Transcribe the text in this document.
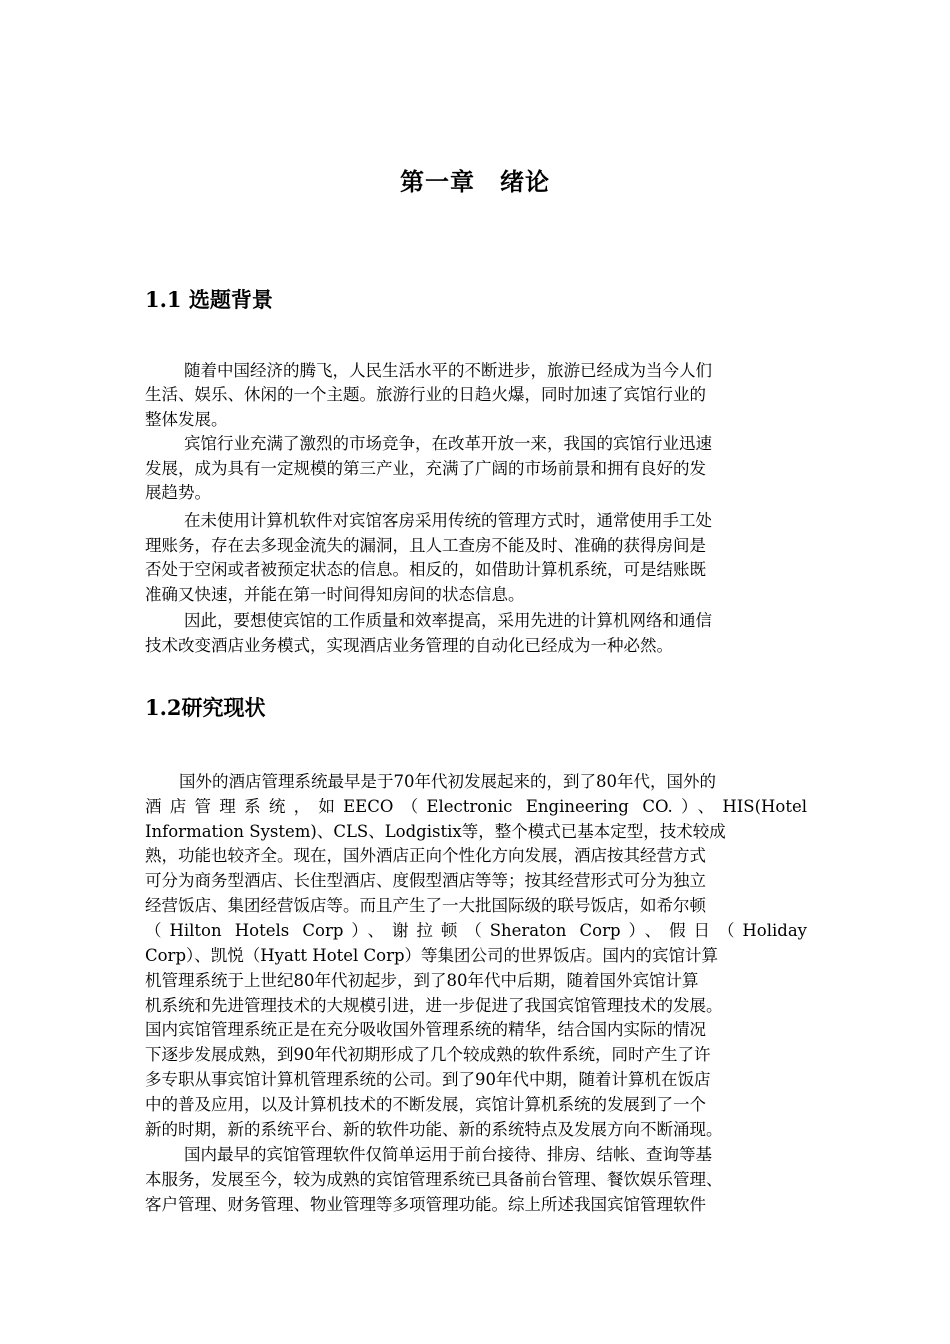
第一章　绪论
1.1 选题背景
随着中国经济的腾飞，人民生活水平的不断进步，旅游已经成为当今人们
生活、娱乐、休闲的一个主题。旅游行业的日趋火爆，同时加速了宾馆行业的
整体发展。
宾馆行业充满了激烈的市场竞争，在改革开放一来，我国的宾馆行业迅速
发展，成为具有一定规模的第三产业，充满了广阔的市场前景和拥有良好的发
展趋势。
在未使用计算机软件对宾馆客房采用传统的管理方式时，通常使用手工处
理账务，存在去多现金流失的漏洞，且人工查房不能及时、准确的获得房间是
否处于空闲或者被预定状态的信息。相反的，如借助计算机系统，可是结账既
准确又快速，并能在第一时间得知房间的状态信息。
因此，要想使宾馆的工作质量和效率提高，采用先进的计算机网络和通信
技术改变酒店业务模式，实现酒店业务管理的自动化已经成为一种必然。
1.2研究现状
国外的酒店管理系统最早是于70年代初发展起来的，到了80年代，国外的
酒店管理系统，如EECO（Electronic Engineering CO.）、HIS(Hotel
Information System)、CLS、Lodgistix等，整个模式已基本定型，技术较成
熟，功能也较齐全。现在，国外酒店正向个性化方向发展，酒店按其经营方式
可分为商务型酒店、长住型酒店、度假型酒店等等；按其经营形式可分为独立
经营饭店、集团经营饭店等。而且产生了一大批国际级的联号饭店，如希尔顿
（Hilton Hotels Corp）、谢拉顿（Sheraton Corp）、假日（Holiday
Corp）、凯悦（Hyatt Hotel Corp）等集团公司的世界饭店。国内的宾馆计算
机管理系统于上世纪80年代初起步，到了80年代中后期，随着国外宾馆计算
机系统和先进管理技术的大规模引进，进一步促进了我国宾馆管理技术的发展。
国内宾馆管理系统正是在充分吸收国外管理系统的精华，结合国内实际的情况
下逐步发展成熟，到90年代初期形成了几个较成熟的软件系统，同时产生了许
多专职从事宾馆计算机管理系统的公司。到了90年代中期，随着计算机在饭店
中的普及应用，以及计算机技术的不断发展，宾馆计算机系统的发展到了一个
新的时期，新的系统平台、新的软件功能、新的系统特点及发展方向不断涌现。
国内最早的宾馆管理软件仅简单运用于前台接待、排房、结帐、查询等基
本服务，发展至今，较为成熟的宾馆管理系统已具备前台管理、餐饮娱乐管理、
客户管理、财务管理、物业管理等多项管理功能。综上所述我国宾馆管理软件
